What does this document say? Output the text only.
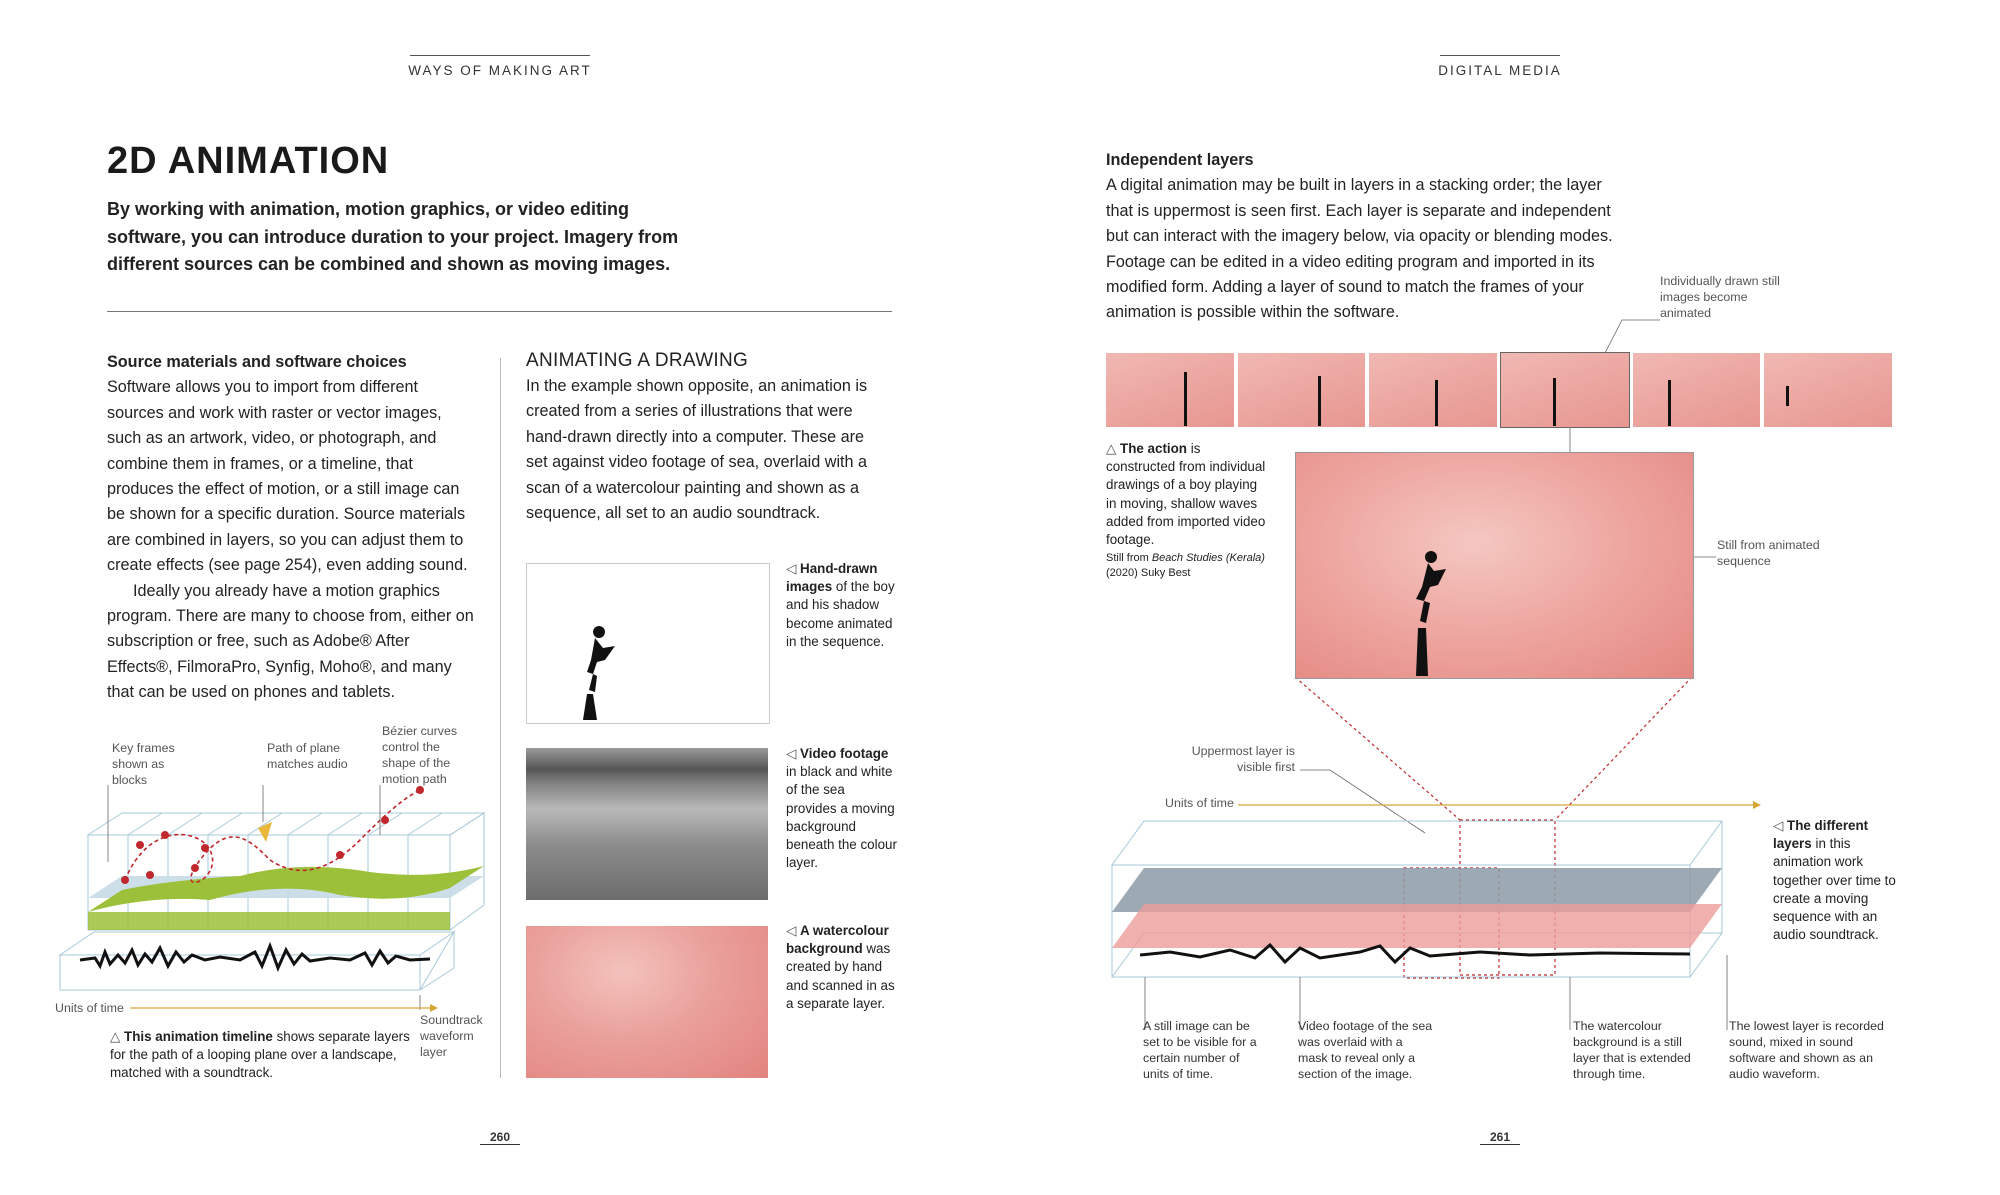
WAYS OF MAKING ART
2D ANIMATION
By working with animation, motion graphics, or video editing software, you can introduce duration to your project. Imagery from different sources can be combined and shown as moving images.
Source materials and software choices
Software allows you to import from different sources and work with raster or vector images, such as an artwork, video, or photograph, and combine them in frames, or a timeline, that produces the effect of motion, or a still image can be shown for a specific duration. Source materials are combined in layers, so you can adjust them to create effects (see page 254), even adding sound.
Ideally you already have a motion graphics program. There are many to choose from, either on subscription or free, such as Adobe® After Effects®, FilmoraPro, Synfig, Moho®, and many that can be used on phones and tablets.
ANIMATING A DRAWING
In the example shown opposite, an animation is created from a series of illustrations that were hand-drawn directly into a computer. These are set against video footage of sea, overlaid with a scan of a watercolour painting and shown as a sequence, all set to an audio soundtrack.
Key frames shown as blocks
Path of plane matches audio
Bézier curves control the shape of the motion path
Units of time
Soundtrack waveform layer
△ This animation timeline shows separate layers for the path of a looping plane over a landscape, matched with a soundtrack.
◁ Hand-drawn images of the boy and his shadow become animated in the sequence.
◁ Video footage in black and white of the sea provides a moving background beneath the colour layer.
◁ A watercolour background was created by hand and scanned in as a separate layer.
260
DIGITAL MEDIA
Independent layers
A digital animation may be built in layers in a stacking order; the layer that is uppermost is seen first. Each layer is separate and independent but can interact with the imagery below, via opacity or blending modes. Footage can be edited in a video editing program and imported in its modified form. Adding a layer of sound to match the frames of your animation is possible within the software.
Individually drawn still images become animated
△ The action is constructed from individual drawings of a boy playing in moving, shallow waves added from imported video footage.
Still from Beach Studies (Kerala) (2020) Suky Best
Still from animated sequence
Uppermost layer is visible first
Units of time
◁ The different layers in this animation work together over time to create a moving sequence with an audio soundtrack.
A still image can be set to be visible for a certain number of units of time.
Video footage of the sea was overlaid with a mask to reveal only a section of the image.
The watercolour background is a still layer that is extended through time.
The lowest layer is recorded sound, mixed in sound software and shown as an audio waveform.
261
